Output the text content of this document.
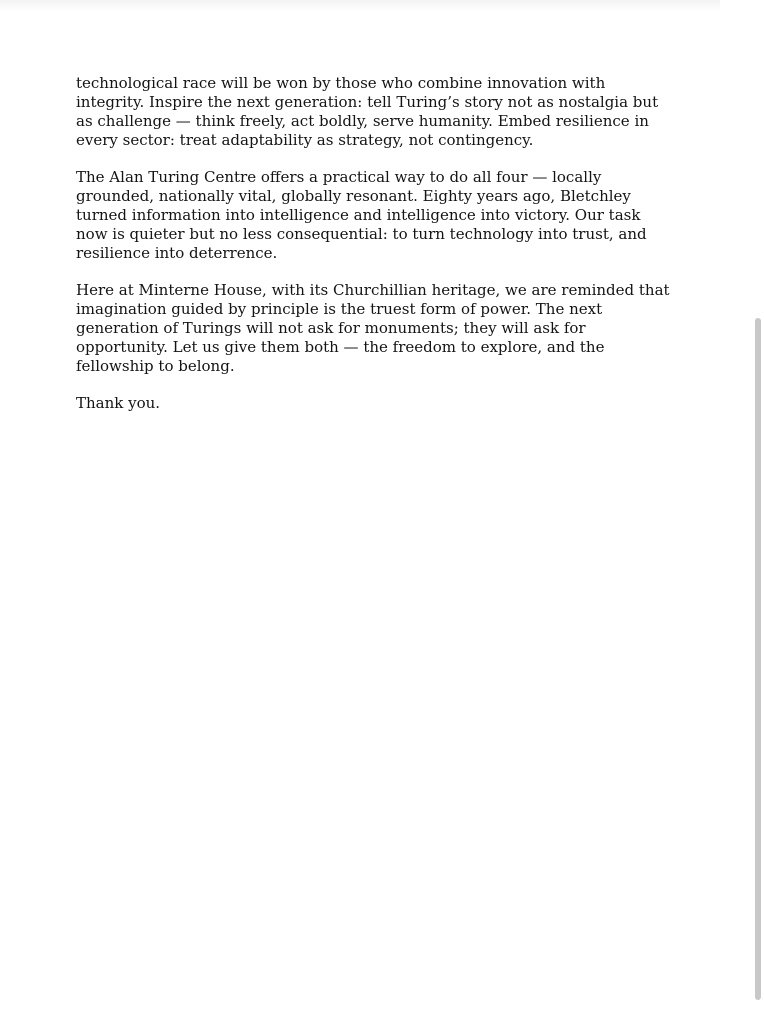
technological race will be won by those who combine innovation with integrity. Inspire the next generation: tell Turing’s story not as nostalgia but as challenge — think freely, act boldly, serve humanity. Embed resilience in every sector: treat adaptability as strategy, not contingency.

The Alan Turing Centre offers a practical way to do all four — locally grounded, nationally vital, globally resonant. Eighty years ago, Bletchley turned information into intelligence and intelligence into victory. Our task now is quieter but no less consequential: to turn technology into trust, and resilience into deterrence.

Here at Minterne House, with its Churchillian heritage, we are reminded that imagination guided by principle is the truest form of power. The next generation of Turings will not ask for monuments; they will ask for opportunity. Let us give them both — the freedom to explore, and the fellowship to belong.

Thank you.
